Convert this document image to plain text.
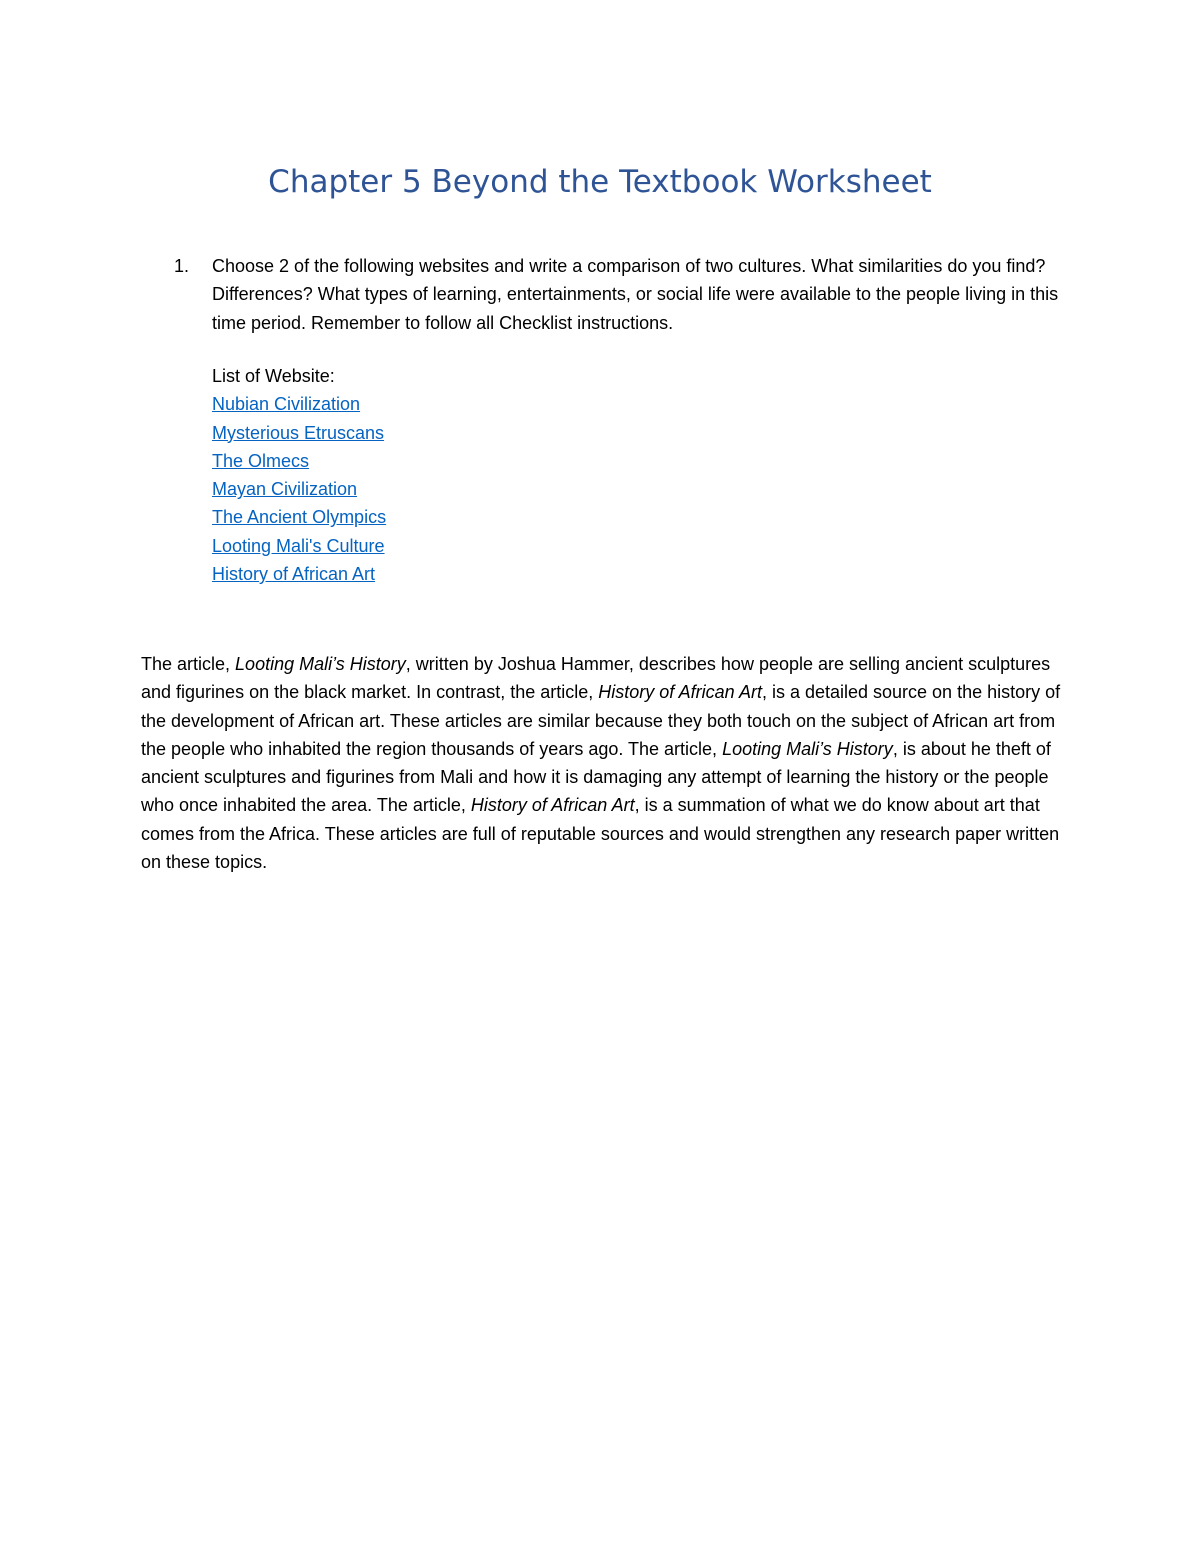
Chapter 5 Beyond the Textbook Worksheet
1.	Choose 2 of the following websites and write a comparison of two cultures. What similarities do you find? Differences? What types of learning, entertainments, or social life were available to the people living in this time period. Remember to follow all Checklist instructions.
List of Website:
Nubian Civilization
Mysterious Etruscans
The Olmecs
Mayan Civilization
The Ancient Olympics
Looting Mali's Culture
History of African Art

The article, Looting Mali’s History, written by Joshua Hammer, describes how people are selling ancient sculptures and figurines on the black market. In contrast, the article, History of African Art, is a detailed source on the history of the development of African art. These articles are similar because they both touch on the subject of African art from the people who inhabited the region thousands of years ago. The article, Looting Mali’s History, is about he theft of ancient sculptures and figurines from Mali and how it is damaging any attempt of learning the history or the people who once inhabited the area. The article, History of African Art, is a summation of what we do know about art that comes from the Africa. These articles are full of reputable sources and would strengthen any research paper written on these topics.
